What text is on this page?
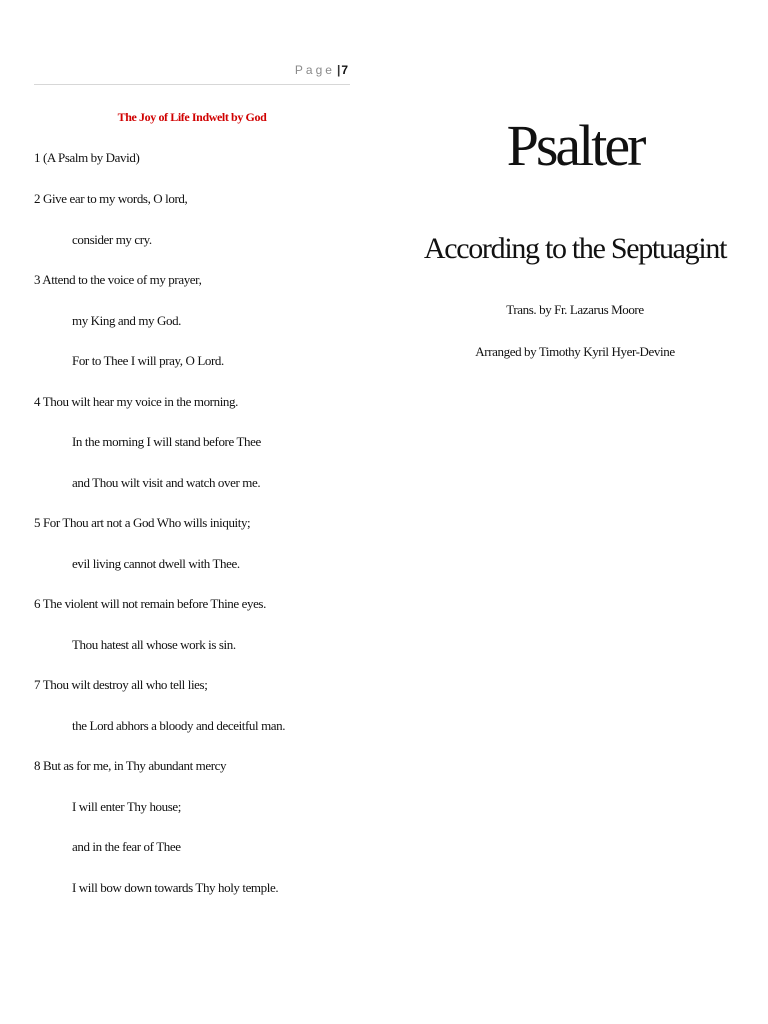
Page |7
The Joy of Life Indwelt by God
1 (A Psalm by David)
2 Give ear to my words, O lord,
consider my cry.
3 Attend to the voice of my prayer,
my King and my God.
For to Thee I will pray, O Lord.
4 Thou wilt hear my voice in the morning.
In the morning I will stand before Thee
and Thou wilt visit and watch over me.
5 For Thou art not a God Who wills iniquity;
evil living cannot dwell with Thee.
6 The violent will not remain before Thine eyes.
Thou hatest all whose work is sin.
7 Thou wilt destroy all who tell lies;
the Lord abhors a bloody and deceitful man.
8 But as for me, in Thy abundant mercy
I will enter Thy house;
and in the fear of Thee
I will bow down towards Thy holy temple.
Psalter
According to the Septuagint
Trans. by Fr. Lazarus Moore
Arranged by Timothy Kyril Hyer-Devine
